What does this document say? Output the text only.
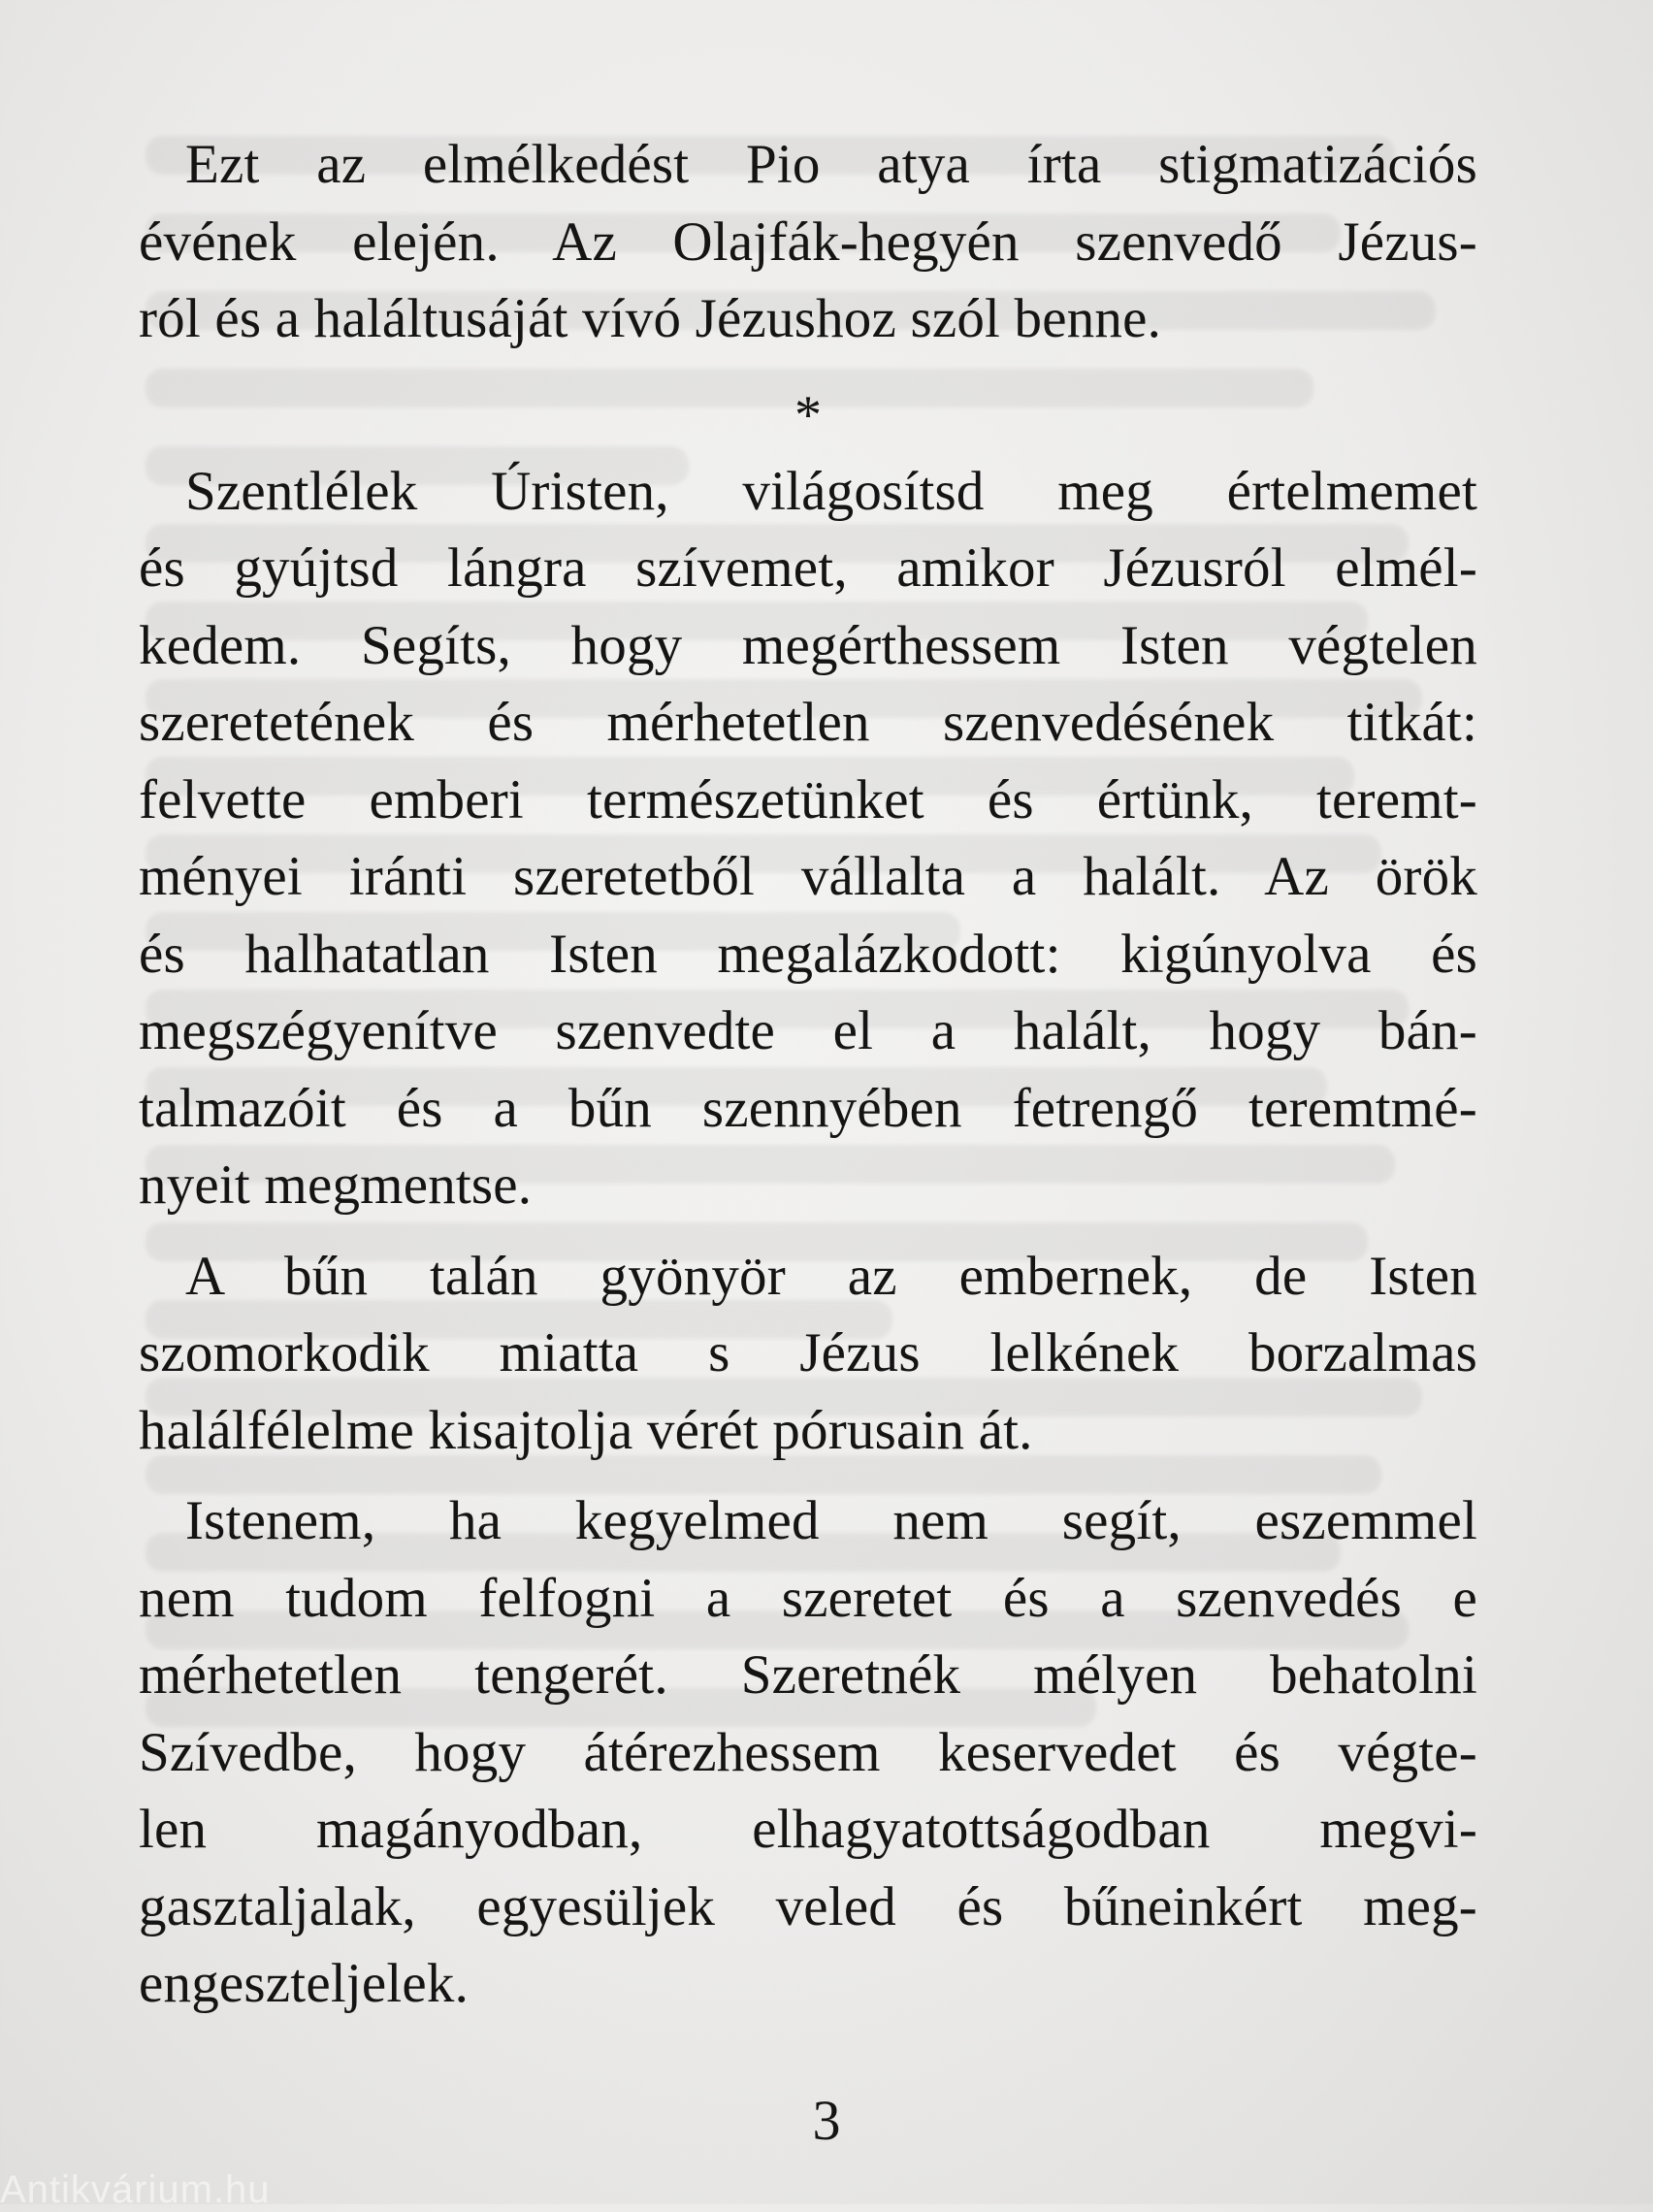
Ezt az elmélkedést Pio atya írta stigmatizációs

évének elején. Az Olajfák-hegyén szenvedő Jézus-

ról és a haláltusáját vívó Jézushoz szól benne.

*

Szentlélek Úristen, világosítsd meg értelmemet

és gyújtsd lángra szívemet, amikor Jézusról elmél-

kedem. Segíts, hogy megérthessem Isten végtelen

szeretetének és mérhetetlen szenvedésének titkát:

felvette emberi természetünket és értünk, teremt-

ményei iránti szeretetből vállalta a halált. Az örök

és halhatatlan Isten megalázkodott: kigúnyolva és

megszégyenítve szenvedte el a halált, hogy bán-

talmazóit és a bűn szennyében fetrengő teremtmé-

nyeit megmentse.

A bűn talán gyönyör az embernek, de Isten

szomorkodik miatta s Jézus lelkének borzalmas

halálfélelme kisajtolja vérét pórusain át.

Istenem, ha kegyelmed nem segít, eszemmel

nem tudom felfogni a szeretet és a szenvedés e

mérhetetlen tengerét. Szeretnék mélyen behatolni

Szívedbe, hogy átérezhessem keservedet és végte-

len magányodban, elhagyatottságodban megvi-

gasztaljalak, egyesüljek veled és bűneinkért meg-

engeszteljelek.

3
Antikvárium.hu
